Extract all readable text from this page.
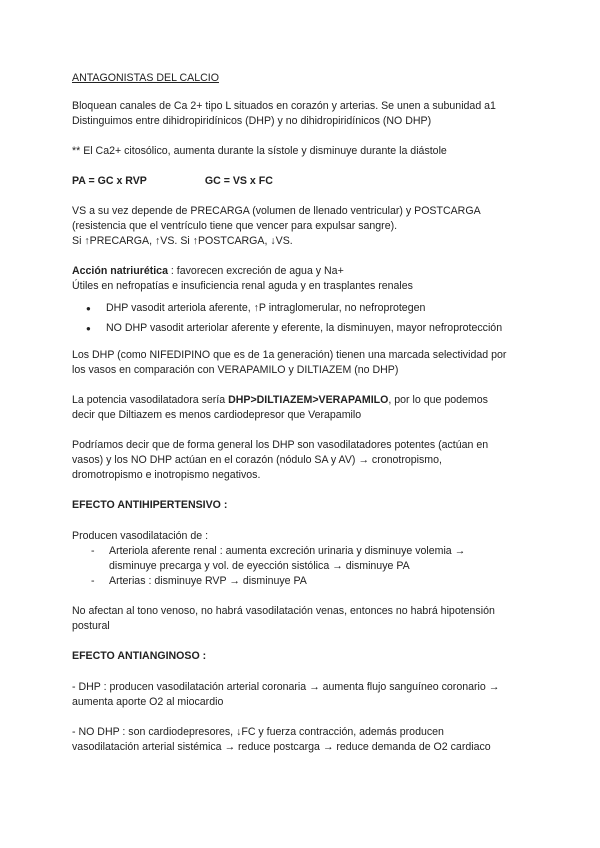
ANTAGONISTAS DEL CALCIO

Bloquean canales de Ca 2+ tipo L situados en corazón y arterias. Se unen a subunidad a1
Distinguimos entre dihidropiridínicos (DHP) y no dihidropiridínicos (NO DHP)

** El Ca2+ citosólico, aumenta durante la sístole y disminuye durante la diástole

PA = GC x RVP	GC = VS x FC

VS a su vez depende de PRECARGA (volumen de llenado ventricular) y POSTCARGA
(resistencia que el ventrículo tiene que vencer para expulsar sangre).
Si ↑PRECARGA, ↑VS. Si ↑POSTCARGA, ↓VS.

Acción natriurética : favorecen excreción de agua y Na+
Útiles en nefropatías e insuficiencia renal aguda y en trasplantes renales

● DHP vasodit arteriola aferente, ↑P intraglomerular, no nefroprotegen
● NO DHP vasodit arteriolar aferente y eferente, la disminuyen, mayor nefroprotección

Los DHP (como NIFEDIPINO que es de 1a generación) tienen una marcada selectividad por
los vasos en comparación con VERAPAMILO y DILTIAZEM (no DHP)

La potencia vasodilatadora sería DHP>DILTIAZEM>VERAPAMILO, por lo que podemos
decir que Diltiazem es menos cardiodepresor que Verapamilo

Podríamos decir que de forma general los DHP son vasodilatadores potentes (actúan en
vasos) y los NO DHP actúan en el corazón (nódulo SA y AV) → cronotropismo,
dromotropismo e inotropismo negativos.

EFECTO ANTIHIPERTENSIVO :
Producen vasodilatación de :
- Arteriola aferente renal : aumenta excreción urinaria y disminuye volemia →
disminuye precarga y vol. de eyección sistólica → disminuye PA
- Arterias : disminuye RVP → disminuye PA

No afectan al tono venoso, no habrá vasodilatación venas, entonces no habrá hipotensión
postural

EFECTO ANTIANGINOSO :

- DHP : producen vasodilatación arterial coronaria → aumenta flujo sanguíneo coronario →
aumenta aporte O2 al miocardio

- NO DHP : son cardiodepresores, ↓FC y fuerza contracción, además producen
vasodilatación arterial sistémica → reduce postcarga → reduce demanda de O2 cardiaco
